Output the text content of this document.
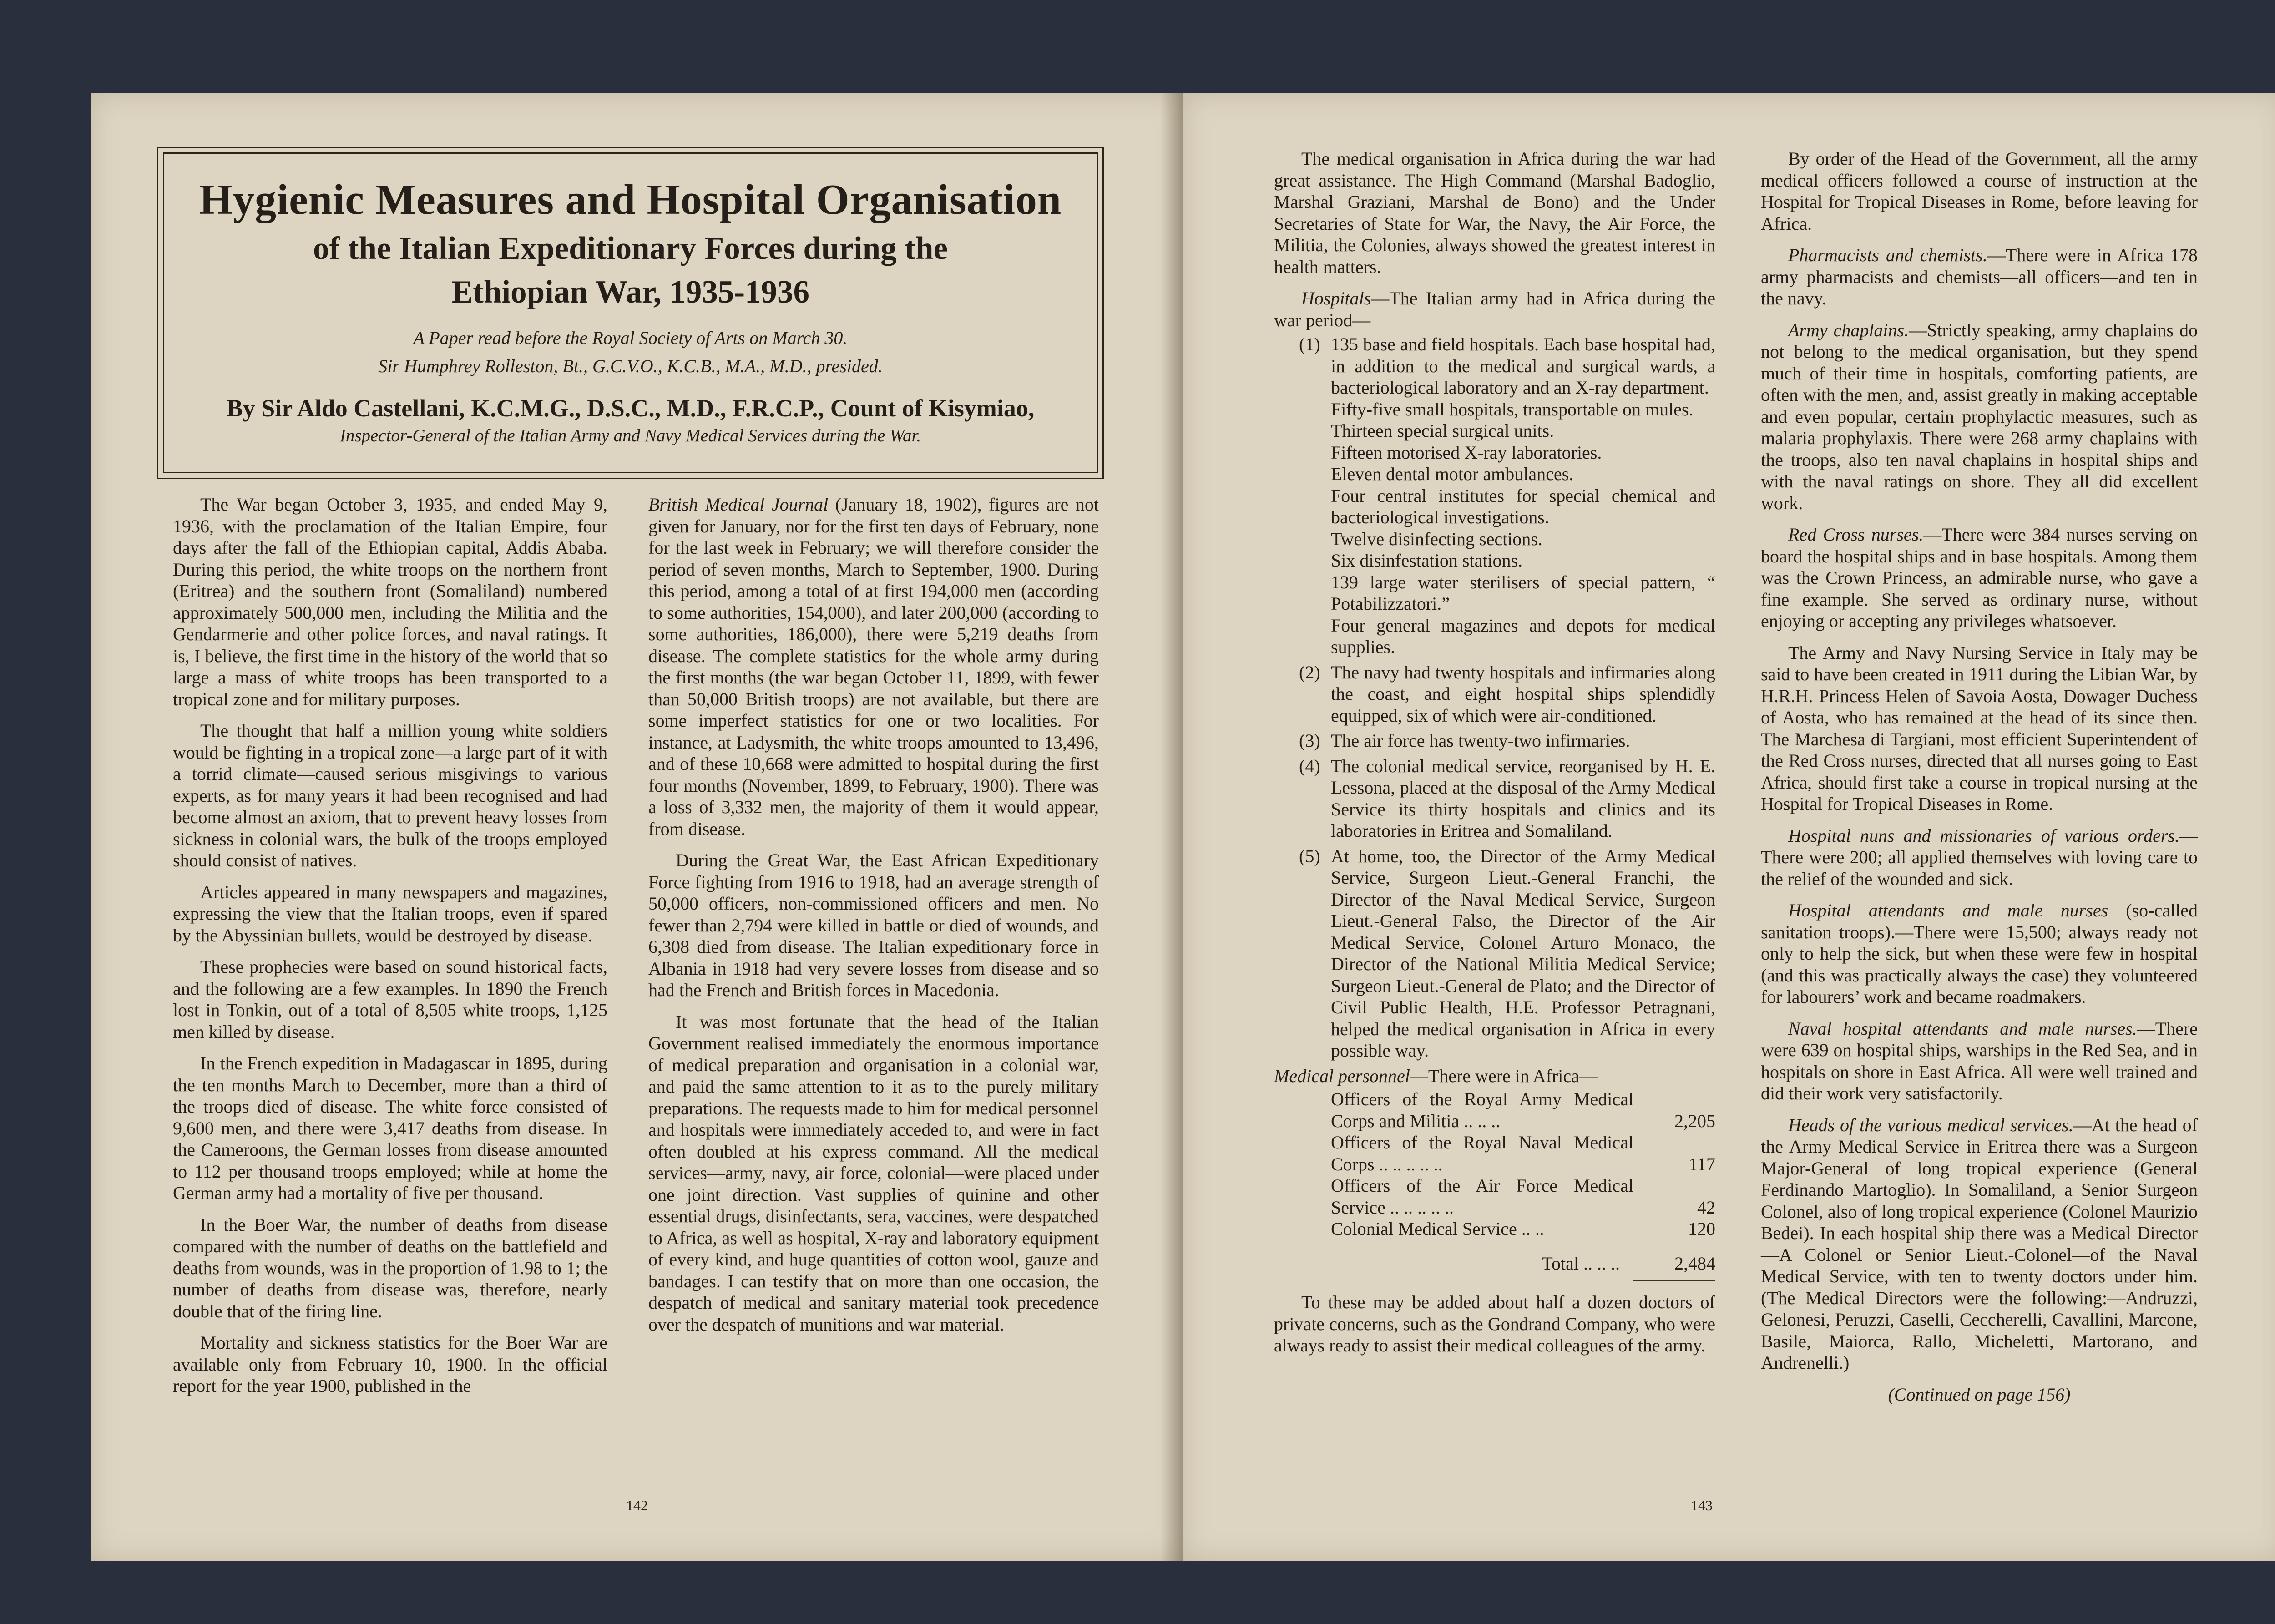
Hygienic Measures and Hospital Organisation
of the Italian Expeditionary Forces during the
Ethiopian War, 1935-1936
A Paper read before the Royal Society of Arts on March 30.
Sir Humphrey Rolleston, Bt., G.C.V.O., K.C.B., M.A., M.D., presided.
By Sir Aldo Castellani, K.C.M.G., D.S.C., M.D., F.R.C.P., Count of Kisymiao,
Inspector-General of the Italian Army and Navy Medical Services during the War.

The War began October 3, 1935, and ended May 9, 1936, with the proclamation of the Italian Empire, four days after the fall of the Ethiopian capital, Addis Ababa. During this period, the white troops on the northern front (Eritrea) and the southern front (Somaliland) numbered approximately 500,000 men, including the Militia and the Gendarmerie and other police forces, and naval ratings. It is, I believe, the first time in the history of the world that so large a mass of white troops has been transported to a tropical zone and for military purposes.

The thought that half a million young white soldiers would be fighting in a tropical zone—a large part of it with a torrid climate—caused serious misgivings to various experts, as for many years it had been recognised and had become almost an axiom, that to prevent heavy losses from sickness in colonial wars, the bulk of the troops employed should consist of natives.

Articles appeared in many newspapers and magazines, expressing the view that the Italian troops, even if spared by the Abyssinian bullets, would be destroyed by disease.

These prophecies were based on sound historical facts, and the following are a few examples. In 1890 the French lost in Tonkin, out of a total of 8,505 white troops, 1,125 men killed by disease.

In the French expedition in Madagascar in 1895, during the ten months March to December, more than a third of the troops died of disease. The white force consisted of 9,600 men, and there were 3,417 deaths from disease. In the Cameroons, the German losses from disease amounted to 112 per thousand troops employed; while at home the German army had a mortality of five per thousand.

In the Boer War, the number of deaths from disease compared with the number of deaths on the battlefield and deaths from wounds, was in the proportion of 1.98 to 1; the number of deaths from disease was, therefore, nearly double that of the firing line.

Mortality and sickness statistics for the Boer War are available only from February 10, 1900. In the official report for the year 1900, published in the

British Medical Journal (January 18, 1902), figures are not given for January, nor for the first ten days of February, none for the last week in February; we will therefore consider the period of seven months, March to September, 1900. During this period, among a total of at first 194,000 men (according to some authorities, 154,000), and later 200,000 (according to some authorities, 186,000), there were 5,219 deaths from disease. The complete statistics for the whole army during the first months (the war began October 11, 1899, with fewer than 50,000 British troops) are not available, but there are some imperfect statistics for one or two localities. For instance, at Ladysmith, the white troops amounted to 13,496, and of these 10,668 were admitted to hospital during the first four months (November, 1899, to February, 1900). There was a loss of 3,332 men, the majority of them it would appear, from disease.

During the Great War, the East African Expeditionary Force fighting from 1916 to 1918, had an average strength of 50,000 officers, non-commissioned officers and men. No fewer than 2,794 were killed in battle or died of wounds, and 6,308 died from disease. The Italian expeditionary force in Albania in 1918 had very severe losses from disease and so had the French and British forces in Macedonia.

It was most fortunate that the head of the Italian Government realised immediately the enormous importance of medical preparation and organisation in a colonial war, and paid the same attention to it as to the purely military preparations. The requests made to him for medical personnel and hospitals were immediately acceded to, and were in fact often doubled at his express command. All the medical services—army, navy, air force, colonial—were placed under one joint direction. Vast supplies of quinine and other essential drugs, disinfectants, sera, vaccines, were despatched to Africa, as well as hospital, X-ray and laboratory equipment of every kind, and huge quantities of cotton wool, gauze and bandages. I can testify that on more than one occasion, the despatch of medical and sanitary material took precedence over the despatch of munitions and war material.

142

The medical organisation in Africa during the war had great assistance. The High Command (Marshal Badoglio, Marshal Graziani, Marshal de Bono) and the Under Secretaries of State for War, the Navy, the Air Force, the Militia, the Colonies, always showed the greatest interest in health matters.

Hospitals—The Italian army had in Africa during the war period—

(1) 135 base and field hospitals. Each base hospital had, in addition to the medical and surgical wards, a bacteriological laboratory and an X-ray department.
Fifty-five small hospitals, transportable on mules.
Thirteen special surgical units.
Fifteen motorised X-ray laboratories.
Eleven dental motor ambulances.
Four central institutes for special chemical and bacteriological investigations.
Twelve disinfecting sections.
Six disinfestation stations.
139 large water sterilisers of special pattern, “ Potabilizzatori.”
Four general magazines and depots for medical supplies.
(2) The navy had twenty hospitals and infirmaries along the coast, and eight hospital ships splendidly equipped, six of which were air-conditioned.
(3) The air force has twenty-two infirmaries.
(4) The colonial medical service, reorganised by H. E. Lessona, placed at the disposal of the Army Medical Service its thirty hospitals and clinics and its laboratories in Eritrea and Somaliland.
(5) At home, too, the Director of the Army Medical Service, Surgeon Lieut.-General Franchi, the Director of the Naval Medical Service, Surgeon Lieut.-General Falso, the Director of the Air Medical Service, Colonel Arturo Monaco, the Director of the National Militia Medical Service; Surgeon Lieut.-General de Plato; and the Director of Civil Public Health, H.E. Professor Petragnani, helped the medical organisation in Africa in every possible way.

Medical personnel—There were in Africa—

Officers of the Royal Army Medical Corps and Militia .. .. ..	2,205
Officers of the Royal Naval Medical Corps .. .. .. .. ..	117
Officers of the Air Force Medical Service .. .. .. .. ..	42
Colonial Medical Service .. ..	120
Total .. .. ..	2,484

To these may be added about half a dozen doctors of private concerns, such as the Gondrand Company, who were always ready to assist their medical colleagues of the army.

By order of the Head of the Government, all the army medical officers followed a course of instruction at the Hospital for Tropical Diseases in Rome, before leaving for Africa.

Pharmacists and chemists.—There were in Africa 178 army pharmacists and chemists—all officers—and ten in the navy.

Army chaplains.—Strictly speaking, army chaplains do not belong to the medical organisation, but they spend much of their time in hospitals, comforting patients, are often with the men, and, assist greatly in making acceptable and even popular, certain prophylactic measures, such as malaria prophylaxis. There were 268 army chaplains with the troops, also ten naval chaplains in hospital ships and with the naval ratings on shore. They all did excellent work.

Red Cross nurses.—There were 384 nurses serving on board the hospital ships and in base hospitals. Among them was the Crown Princess, an admirable nurse, who gave a fine example. She served as ordinary nurse, without enjoying or accepting any privileges whatsoever.

The Army and Navy Nursing Service in Italy may be said to have been created in 1911 during the Libian War, by H.R.H. Princess Helen of Savoia Aosta, Dowager Duchess of Aosta, who has remained at the head of its since then. The Marchesa di Targiani, most efficient Superintendent of the Red Cross nurses, directed that all nurses going to East Africa, should first take a course in tropical nursing at the Hospital for Tropical Diseases in Rome.

Hospital nuns and missionaries of various orders.—There were 200; all applied themselves with loving care to the relief of the wounded and sick.

Hospital attendants and male nurses (so-called sanitation troops).—There were 15,500; always ready not only to help the sick, but when these were few in hospital (and this was practically always the case) they volunteered for labourers’ work and became roadmakers.

Naval hospital attendants and male nurses.—There were 639 on hospital ships, warships in the Red Sea, and in hospitals on shore in East Africa. All were well trained and did their work very satisfactorily.

Heads of the various medical services.—At the head of the Army Medical Service in Eritrea there was a Surgeon Major-General of long tropical experience (General Ferdinando Martoglio). In Somaliland, a Senior Surgeon Colonel, also of long tropical experience (Colonel Maurizio Bedei). In each hospital ship there was a Medical Director—A Colonel or Senior Lieut.-Colonel—of the Naval Medical Service, with ten to twenty doctors under him. (The Medical Directors were the following:—Andruzzi, Gelonesi, Peruzzi, Caselli, Ceccherelli, Cavallini, Marcone, Basile, Maiorca, Rallo, Micheletti, Martorano, and Andrenelli.)

(Continued on page 156)

143
